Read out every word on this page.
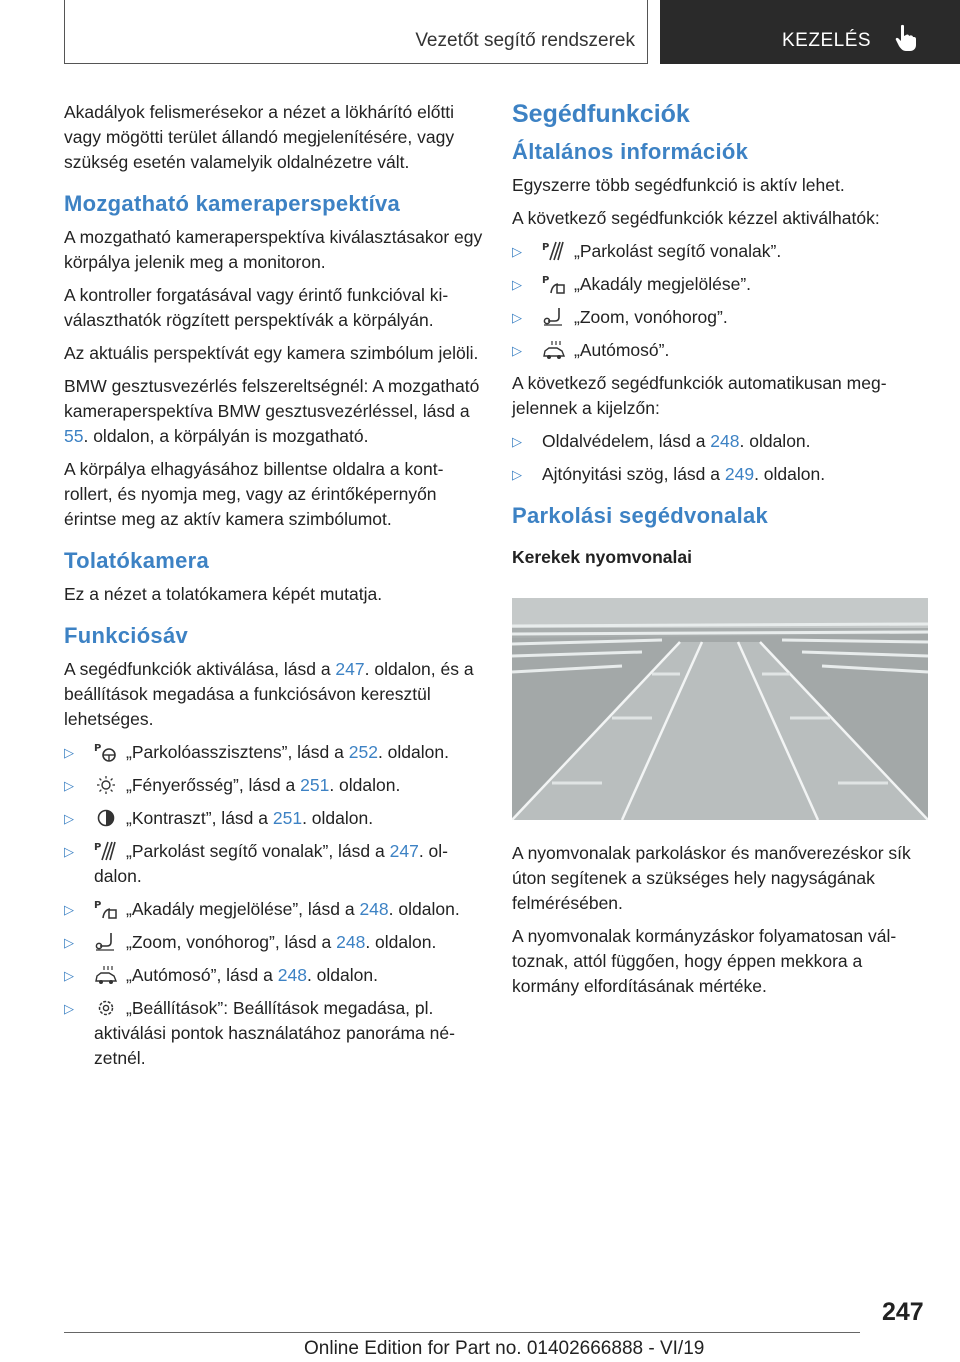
Vezetőt segítő rendszerek	KEZELÉS

Akadályok felismerésekor a nézet a lökhárító előtti vagy mögötti terület állandó megjelenítésére, vagy szükség esetén valamelyik oldalnézetre vált.

Mozgatható kameraperspektíva

A mozgatható kameraperspektíva kiválasztásakor egy körpálya jelenik meg a monitoron.

A kontroller forgatásával vagy érintő funkcióval kiválaszthatók rögzített perspektívák a körpályán.

Az aktuális perspektívát egy kamera szimbólum jelöli.

BMW gesztusvezérlés felszereltségnél: A mozgatható kameraperspektíva BMW gesztusvezérléssel, lásd a 55. oldalon, a körpályán is mozgatható.

A körpálya elhagyásához billentse oldalra a kontrollert, és nyomja meg, vagy az érintőképernyőn érintse meg az aktív kamera szimbólumot.

Tolatókamera

Ez a nézet a tolatókamera képét mutatja.

Funkciósáv

A segédfunkciók aktiválása, lásd a 247. oldalon, és a beállítások megadása a funkciósávon keresztül lehetséges.

▷ P „Parkolóasszisztens”, lásd a 252. oldalon.
▷	„Fényerősség”, lásd a 251. oldalon.
▷	„Kontraszt”, lásd a 251. oldalon.
▷ P „Parkolást segítő vonalak”, lásd a 247. oldalon.
▷ P „Akadály megjelölése”, lásd a 248. oldalon.
▷	„Zoom, vonóhorog”, lásd a 248. oldalon.
▷	„Autómosó”, lásd a 248. oldalon.
▷	„Beállítások”: Beállítások megadása, pl. aktiválási pontok használatához panoráma nézetnél.
Segédfunkciók
Általános információk

Egyszerre több segédfunkció is aktív lehet.

A következő segédfunkciók kézzel aktiválhatók:

▷ P „Parkolást segítő vonalak”.
▷ P „Akadály megjelölése”.
▷	„Zoom, vonóhorog”.
▷	„Autómosó”.

A következő segédfunkciók automatikusan megjelennek a kijelzőn:

▷ Oldalvédelem, lásd a 248. oldalon.
▷ Ajtónyitási szög, lásd a 249. oldalon.
Parkolási segédvonalak
Kerekek nyomvonalai

A nyomvonalak parkoláskor és manőverezéskor sík úton segítenek a szükséges hely nagyságának felmérésében.

A nyomvonalak kormányzáskor folyamatosan változnak, attól függően, hogy éppen mekkora a kormány elfordításának mértéke.

247
Online Edition for Part no. 01402666888 - VI/19
